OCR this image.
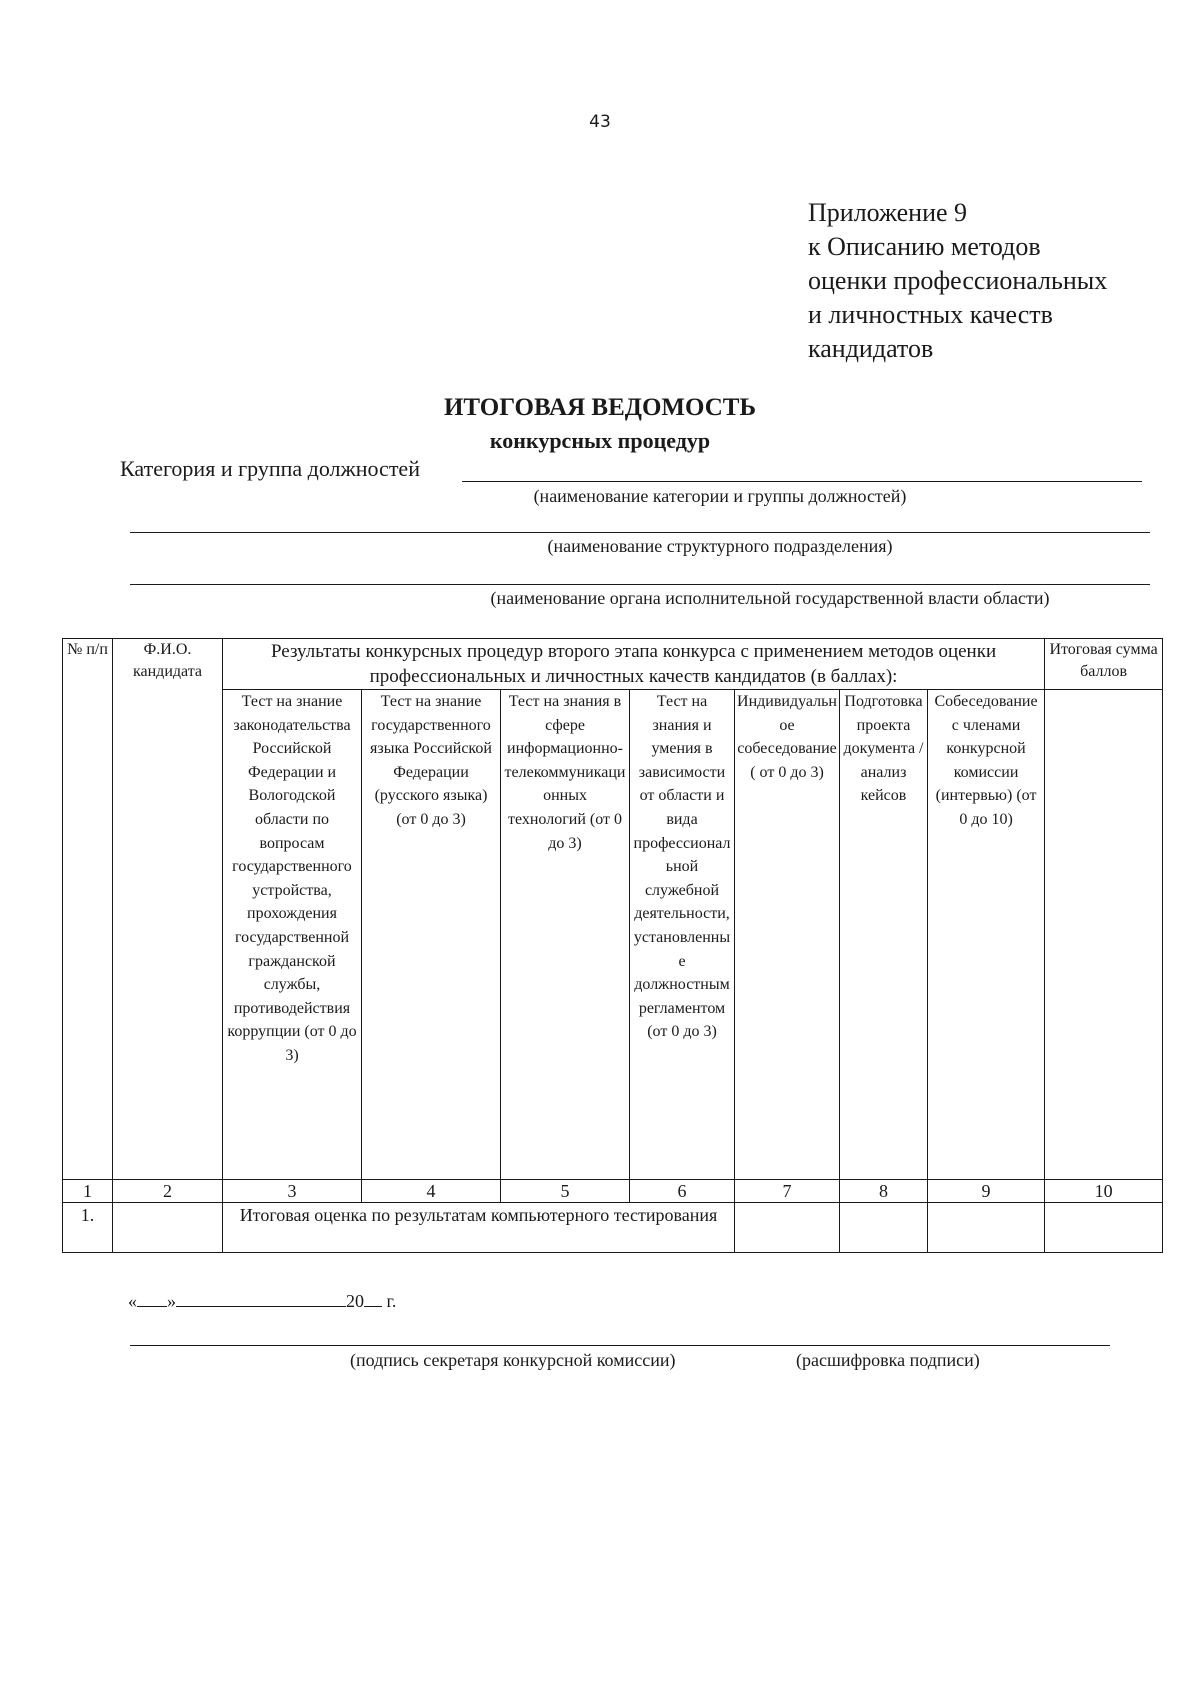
43
Приложение 9
к Описанию методов
оценки профессиональных
и личностных качеств
кандидатов
ИТОГОВАЯ ВЕДОМОСТЬ
конкурсных процедур
Категория и группа должностей
(наименование категории и группы должностей)
(наименование структурного подразделения)
(наименование органа исполнительной государственной власти области)
№ п/п	Ф.И.О. кандидата	Результаты конкурсных процедур второго этапа конкурса с применением методов оценки профессиональных и личностных качеств кандидатов (в баллах):							Итоговая сумма баллов
		Тест на знание законодательства Российской Федерации и Вологодской области по вопросам государственного устройства, прохождения государственной гражданской службы, противодействия коррупции (от 0 до 3)	Тест на знание государственного языка Российской Федерации (русского языка) (от 0 до 3)	Тест на знания в сфере информационно-телекоммуникационных технологий (от 0 до 3)	Тест на знания и умения в зависимости от области и вида профессиональной служебной деятельности, установленные должностным регламентом (от 0 до 3)	Индивидуальное собеседование ( от 0 до 3)	Подготовка проекта документа / анализ кейсов	Собеседование с членами конкурсной комиссии (интервью) (от 0 до 10)	
1	2	3	4	5	6	7	8	9	10
1.		Итоговая оценка по результатам компьютерного тестирования							
« »	20 г.
(подпись секретаря конкурсной комиссии)	(расшифровка подписи)
